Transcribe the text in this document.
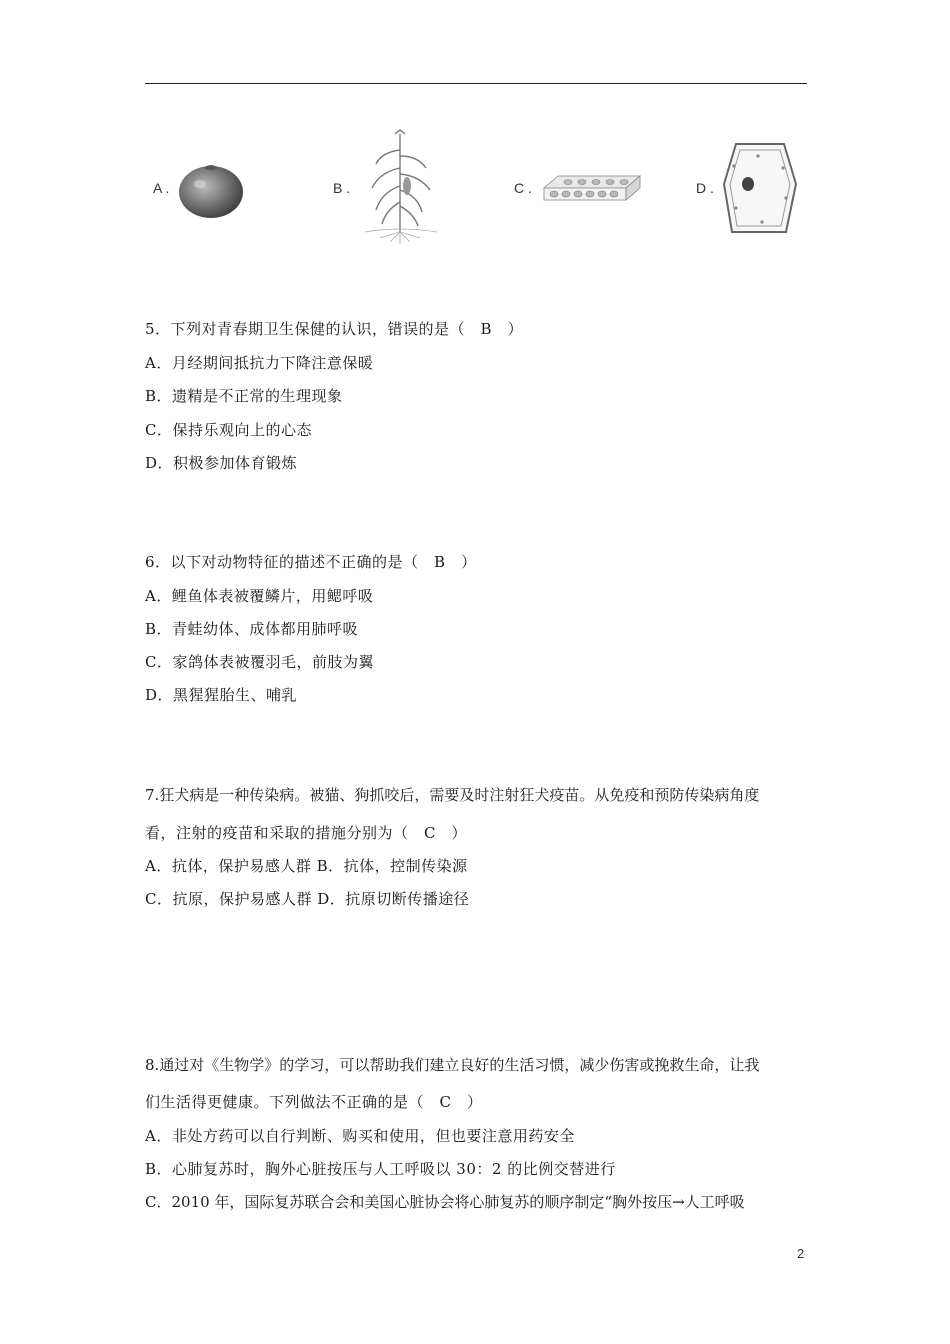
A .	B .	C .	D .
5．下列对青春期卫生保健的认识，错误的是（　B　）
A．月经期间抵抗力下降注意保暖
B．遗精是不正常的生理现象
C．保持乐观向上的心态
D．积极参加体育锻炼
6．以下对动物特征的描述不正确的是（　B　）
A．鲤鱼体表被覆鳞片，用鳃呼吸
B．青蛙幼体、成体都用肺呼吸
C．家鸽体表被覆羽毛，前肢为翼
D．黑猩猩胎生、哺乳
7.狂犬病是一种传染病。被猫、狗抓咬后，需要及时注射狂犬疫苗。从免疫和预防传染病角度
看，注射的疫苗和采取的措施分别为（　C　）
A．抗体，保护易感人群 B．抗体，控制传染源
C．抗原，保护易感人群 D．抗原切断传播途径
8.通过对《生物学》的学习，可以帮助我们建立良好的生活习惯，减少伤害或挽救生命，让我
们生活得更健康。下列做法不正确的是（　C　）
A．非处方药可以自行判断、购买和使用，但也要注意用药安全
B．心肺复苏时，胸外心脏按压与人工呼吸以 30：2 的比例交替进行
C．2010 年，国际复苏联合会和美国心脏协会将心肺复苏的顺序制定“胸外按压→人工呼吸
2
